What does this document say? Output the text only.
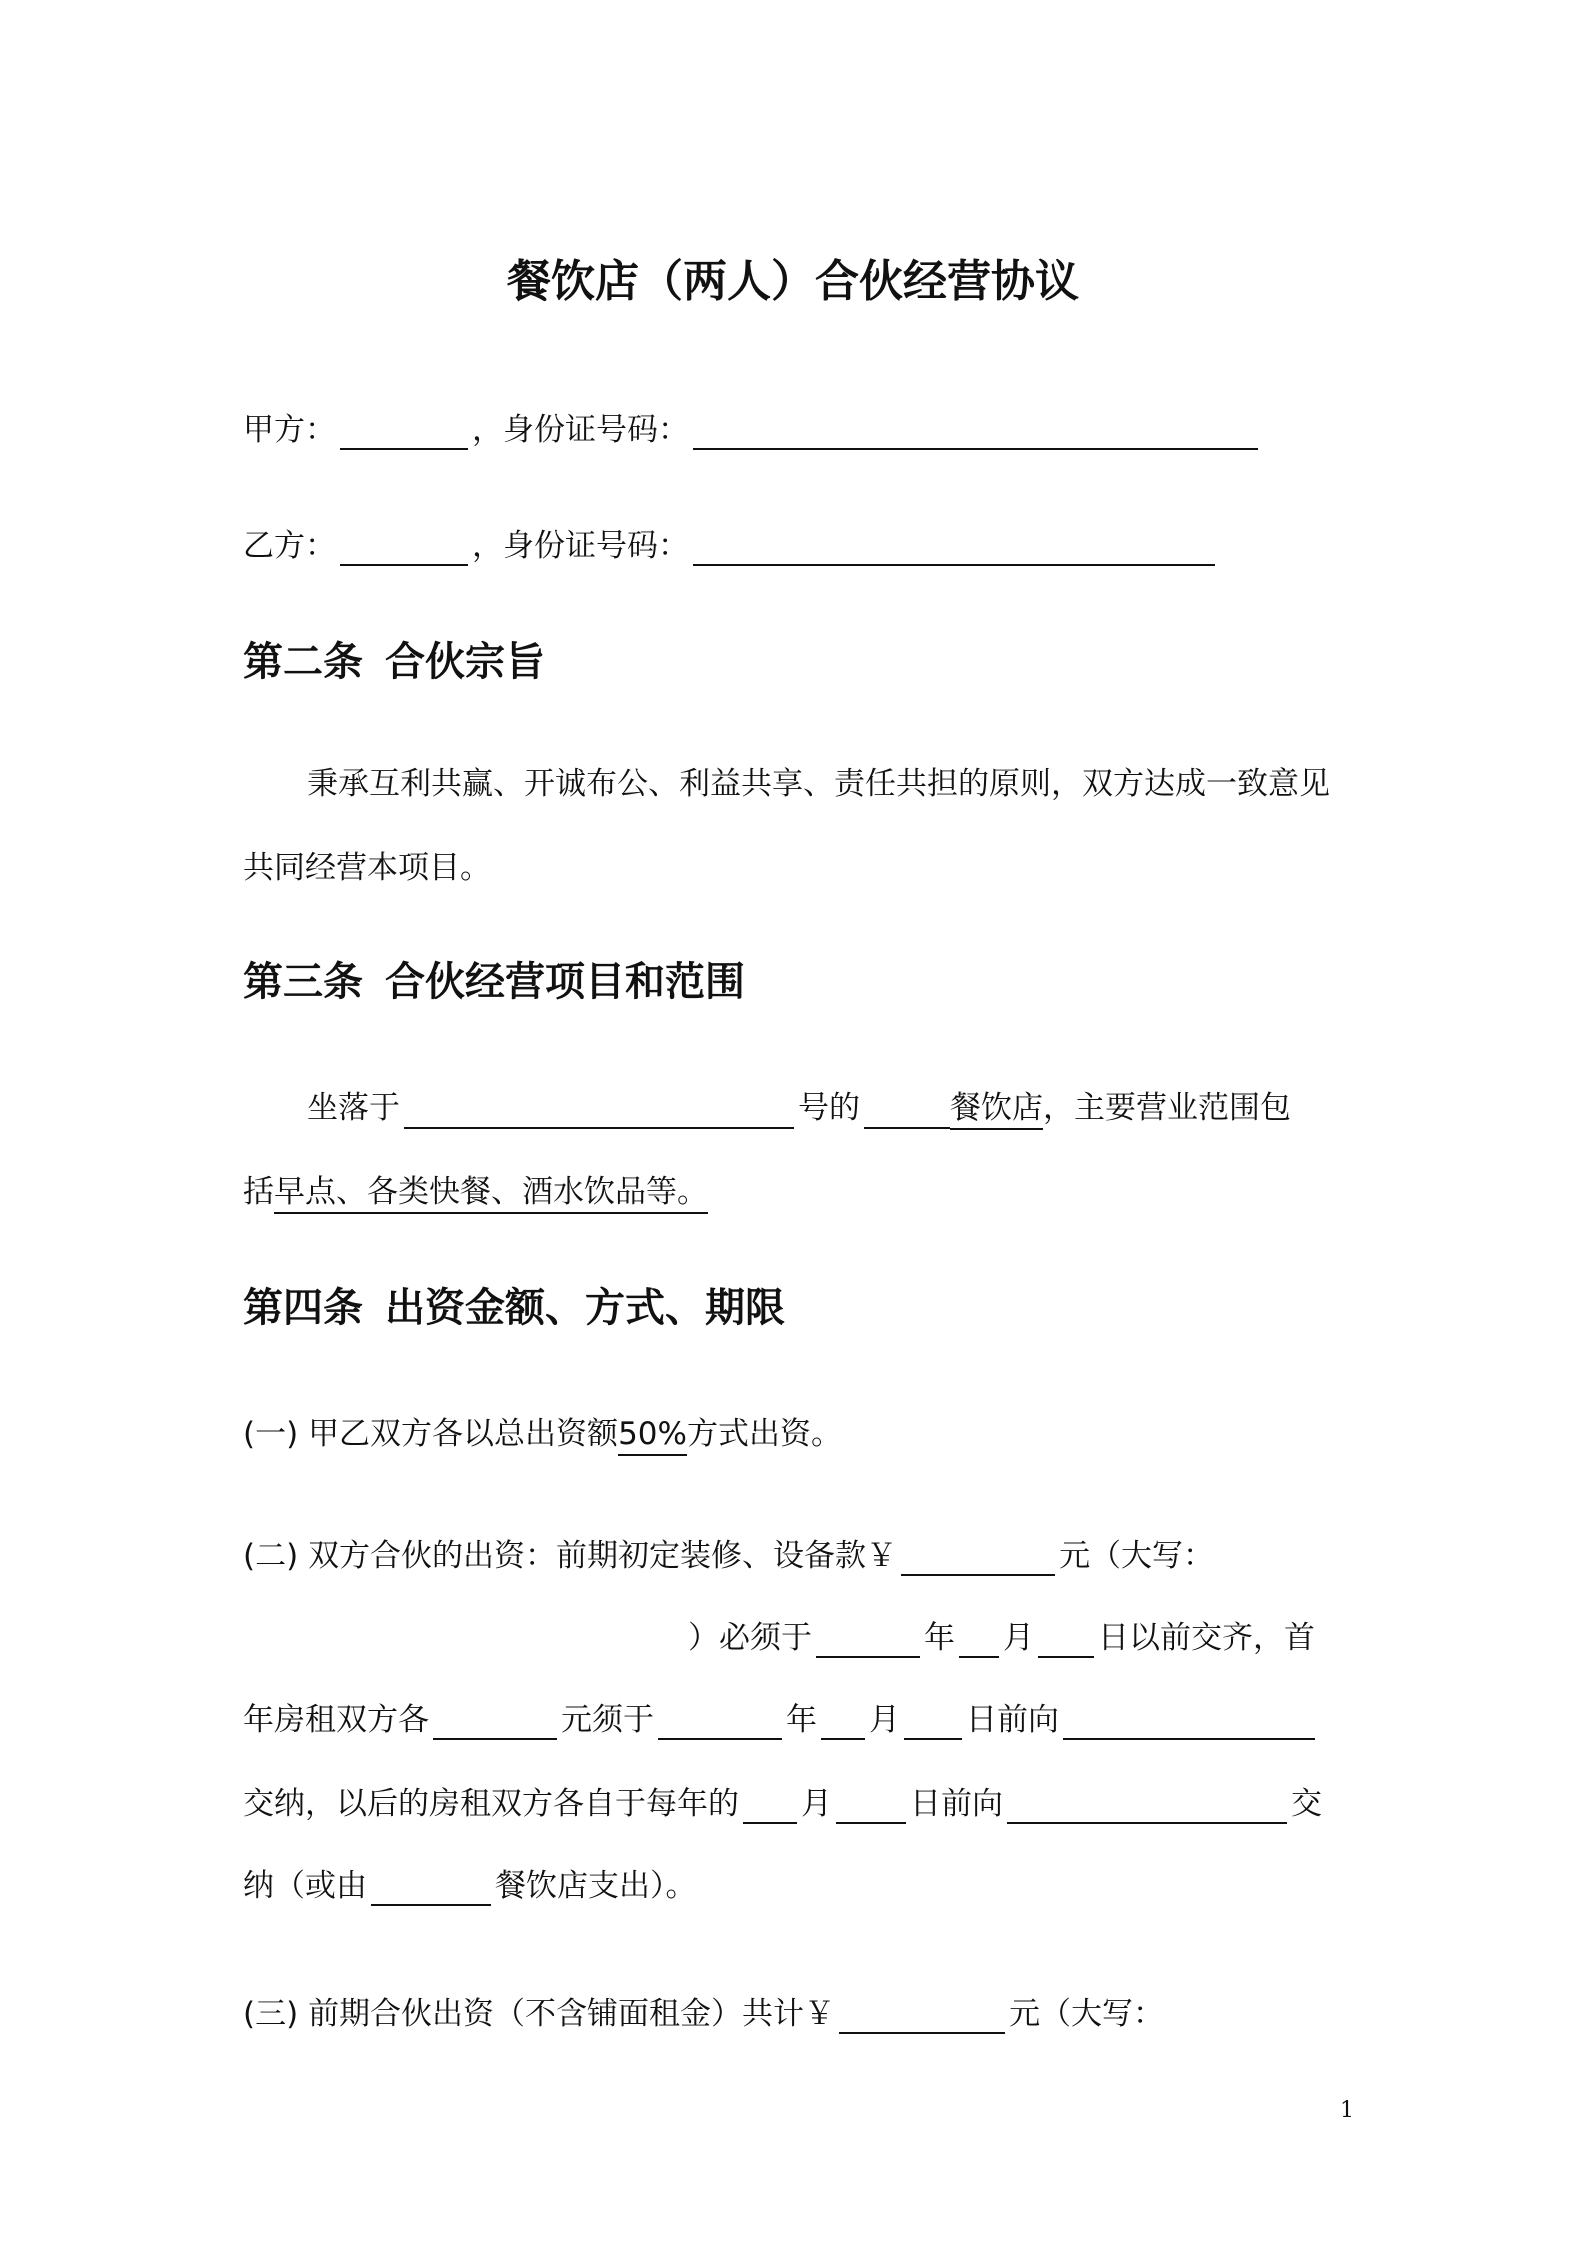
餐饮店（两人）合伙经营协议
甲方：	，身份证号码：
乙方：	，身份证号码：
第二条 合伙宗旨
秉承互利共赢、开诚布公、利益共享、责任共担的原则，双方达成一致意见
共同经营本项目。
第三条 合伙经营项目和范围
坐落于	号的	餐饮店，主要营业范围包
括早点、各类快餐、酒水饮品等。
第四条 出资金额、方式、期限
(一) 甲乙双方各以总出资额50%方式出资。
(二) 双方合伙的出资：前期初定装修、设备款￥	元（大写：
）必须于	年 月 日以前交齐，首
年房租双方各	元须于	年 月 日前向
交纳，以后的房租双方各自于每年的 月	日前向	交
纳（或由	餐饮店支出）。
(三) 前期合伙出资（不含铺面租金）共计￥	元（大写：
1
